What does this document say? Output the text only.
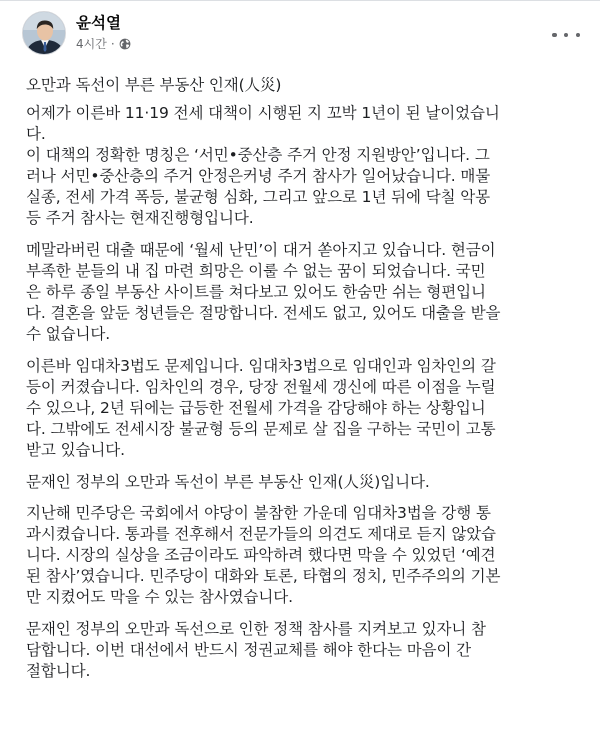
윤석열
4시간 ·
오만과 독선이 부른 부동산 인재(人災)
어제가 이른바 11·19 전세 대책이 시행된 지 꼬박 1년이 된 날이었습니
다.
이 대책의 정확한 명칭은 ‘서민•중산층 주거 안정 지원방안’입니다. 그
러나 서민•중산층의 주거 안정은커녕 주거 참사가 일어났습니다. 매물
실종, 전세 가격 폭등, 불균형 심화, 그리고 앞으로 1년 뒤에 닥칠 악몽
등 주거 참사는 현재진행형입니다.
메말라버린 대출 때문에 ‘월세 난민’이 대거 쏟아지고 있습니다. 현금이
부족한 분들의 내 집 마련 희망은 이룰 수 없는 꿈이 되었습니다. 국민
은 하루 종일 부동산 사이트를 쳐다보고 있어도 한숨만 쉬는 형편입니
다. 결혼을 앞둔 청년들은 절망합니다. 전세도 없고, 있어도 대출을 받을
수 없습니다.
이른바 임대차3법도 문제입니다. 임대차3법으로 임대인과 임차인의 갈
등이 커졌습니다. 임차인의 경우, 당장 전월세 갱신에 따른 이점을 누릴
수 있으나, 2년 뒤에는 급등한 전월세 가격을 감당해야 하는 상황입니
다. 그밖에도 전세시장 불균형 등의 문제로 살 집을 구하는 국민이 고통
받고 있습니다.
문재인 정부의 오만과 독선이 부른 부동산 인재(人災)입니다.
지난해 민주당은 국회에서 야당이 불참한 가운데 임대차3법을 강행 통
과시켰습니다. 통과를 전후해서 전문가들의 의견도 제대로 듣지 않았습
니다. 시장의 실상을 조금이라도 파악하려 했다면 막을 수 있었던 ‘예견
된 참사’였습니다. 민주당이 대화와 토론, 타협의 정치, 민주주의의 기본
만 지켰어도 막을 수 있는 참사였습니다.
문재인 정부의 오만과 독선으로 인한 정책 참사를 지켜보고 있자니 참
담합니다. 이번 대선에서 반드시 정권교체를 해야 한다는 마음이 간
절합니다.
